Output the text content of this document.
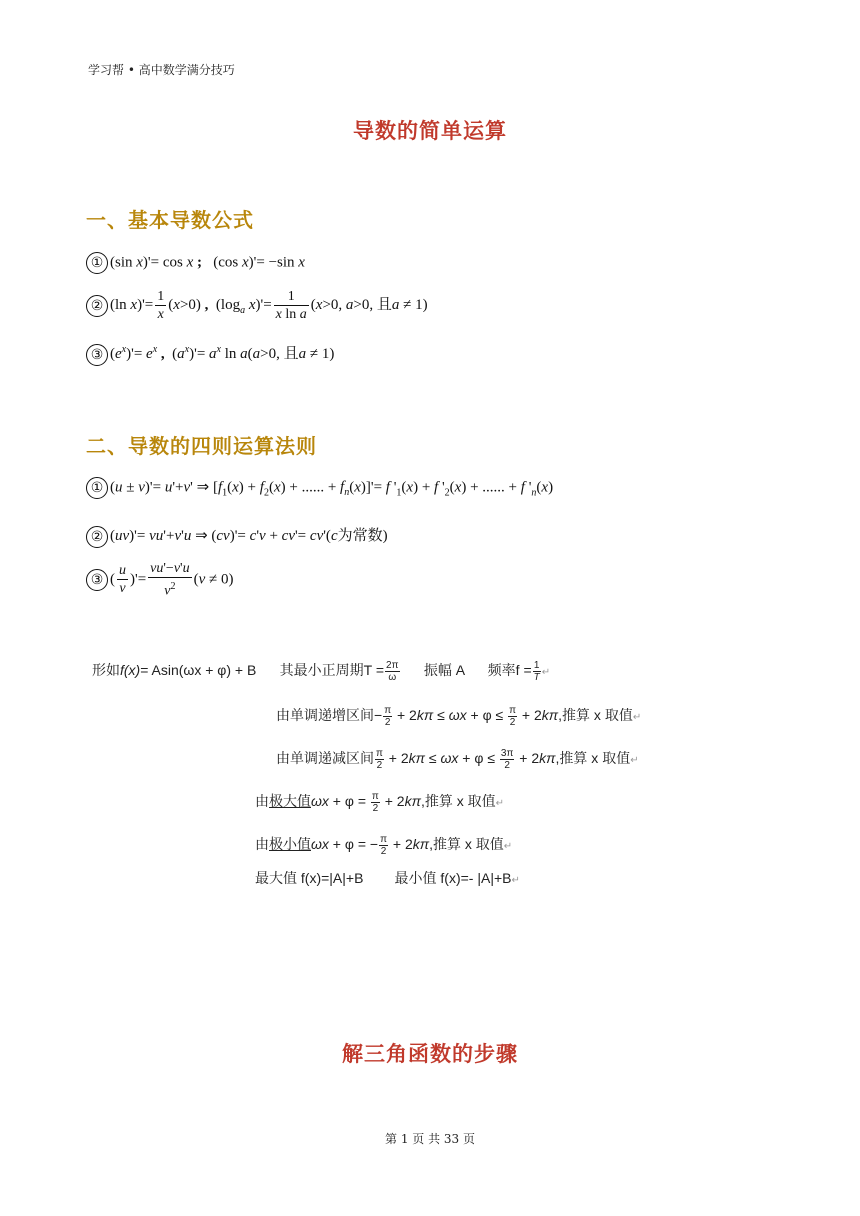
学习帮 • 高中数学满分技巧
导数的简单运算
一、基本导数公式
① (sin x)'= cos x ;   (cos x)'= −sin x
② (ln $x)'= \frac{1}{x} (x>0)$ ,  ($\log_a$ $x)'= \frac{1}{\text{x ln a}} (x>0$, a>0, 且a ≠ 1)
③ $(e^x)'= e^x$ ,  $(a^x)'= a^x$ ln a(a>0, 且a ≠ 1)
二、导数的四则运算法则
① (u ± v)'= u'+v' ⇒ [$f_1(x) + f_2(x)$ + ...... + $f_n(x)]'= f$ '$_1(x) + f$ '$_2(x)$ + ...... + f '$_n(x)$
② (uv)'= vu'+v'u ⇒ (cv)'= c'v + cv'= cv'(c为常数)
③ ( $\frac{u}{v}$ )'= $\frac{vu'-v'u}{v^2} (v \ne 0)$
形如f(x)= Asin(ωx + φ) + B      其最小正周期$T = \frac{2\pi}{\omega}$ 振幅 A 频率$f = \frac{1}{T}$ ↵
由单调递增区间− $\frac{\pi}{2} + 2k\pi \le \omega x + \varphi \le \frac{\pi}{2} + 2k\pi$,推算 x 取值↵
由单调递减区间 $\frac{\pi}{2} + 2k\pi \le \omega x + \varphi \le \frac{3\pi}{2} + 2k\pi$,推算 x 取值↵
由极大值$\omega x + \varphi = \frac{\pi}{2} + 2k\pi$,推算 x 取值↵
由极小值ωx + φ = − $\frac{\pi}{2} + 2k\pi$,推算 x 取值↵
最大值 f(x)=|A|+B 最小值 f(x)=- |A|+B↵
解三角函数的步骤
第 1 页 共 33 页
